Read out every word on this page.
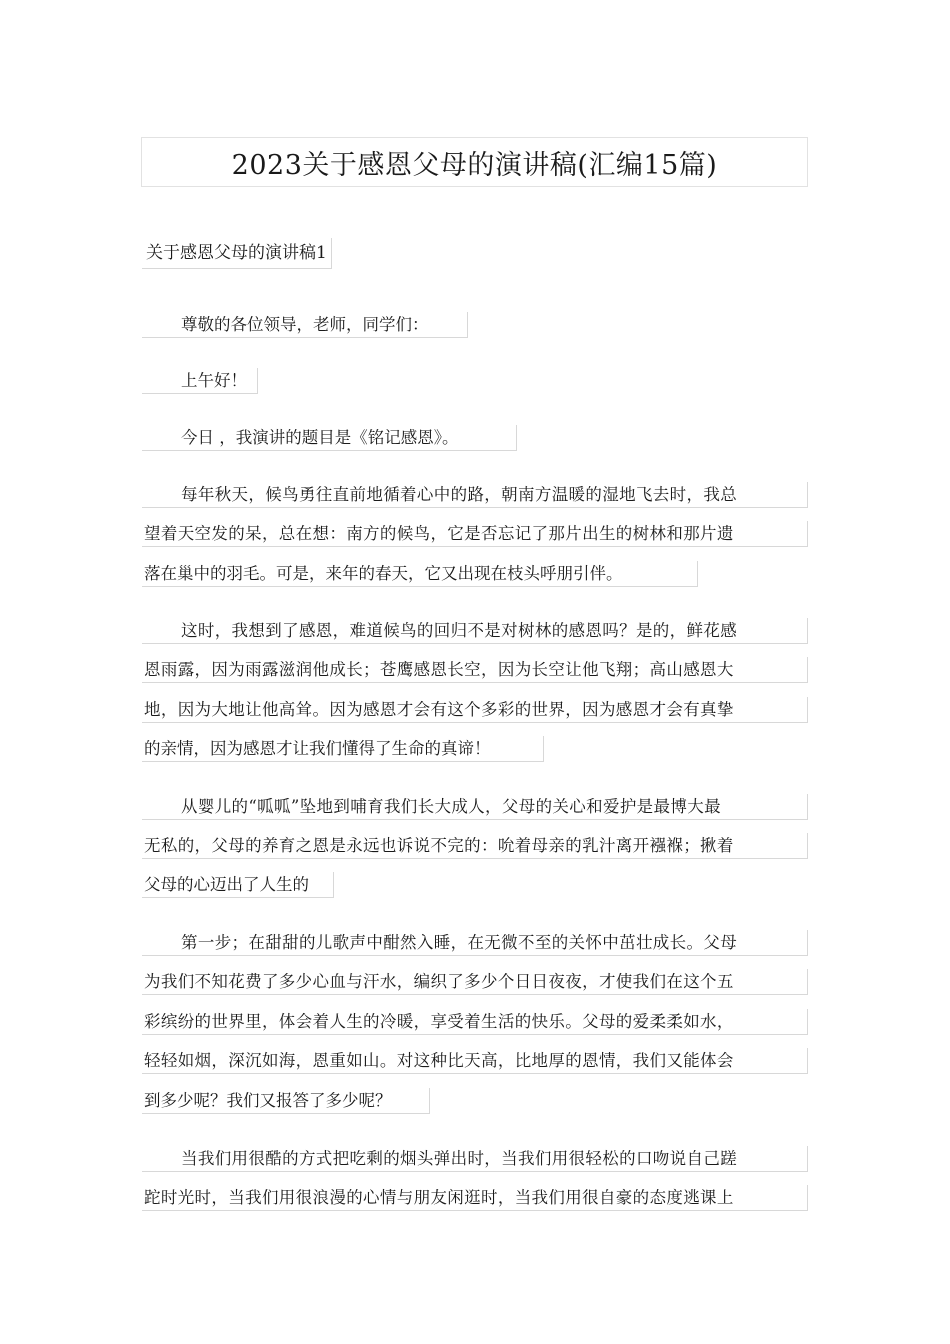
2023关于感恩父母的演讲稿(汇编15篇)
关于感恩父母的演讲稿1
尊敬的各位领导，老师，同学们：
上午好！
今日 ，我演讲的题目是《铭记感恩》。
每年秋天，候鸟勇往直前地循着心中的路，朝南方温暖的湿地飞去时，我总
望着天空发的呆，总在想：南方的候鸟，它是否忘记了那片出生的树林和那片遗
落在巢中的羽毛。可是，来年的春天，它又出现在枝头呼朋引伴。
这时，我想到了感恩，难道候鸟的回归不是对树林的感恩吗？是的，鲜花感
恩雨露，因为雨露滋润他成长；苍鹰感恩长空，因为长空让他飞翔；高山感恩大
地，因为大地让他高耸。因为感恩才会有这个多彩的世界，因为感恩才会有真挚
的亲情，因为感恩才让我们懂得了生命的真谛！
从婴儿的“呱呱”坠地到哺育我们长大成人，父母的关心和爱护是最博大最
无私的，父母的养育之恩是永远也诉说不完的：吮着母亲的乳汁离开襁褓；揪着
父母的心迈出了人生的
第一步；在甜甜的儿歌声中酣然入睡，在无微不至的关怀中茁壮成长。父母
为我们不知花费了多少心血与汗水，编织了多少个日日夜夜，才使我们在这个五
彩缤纷的世界里，体会着人生的冷暖，享受着生活的快乐。父母的爱柔柔如水，
轻轻如烟，深沉如海，恩重如山。对这种比天高，比地厚的恩情，我们又能体会
到多少呢？我们又报答了多少呢？
当我们用很酷的方式把吃剩的烟头弹出时，当我们用很轻松的口吻说自己蹉
跎时光时，当我们用很浪漫的心情与朋友闲逛时，当我们用很自豪的态度逃课上
